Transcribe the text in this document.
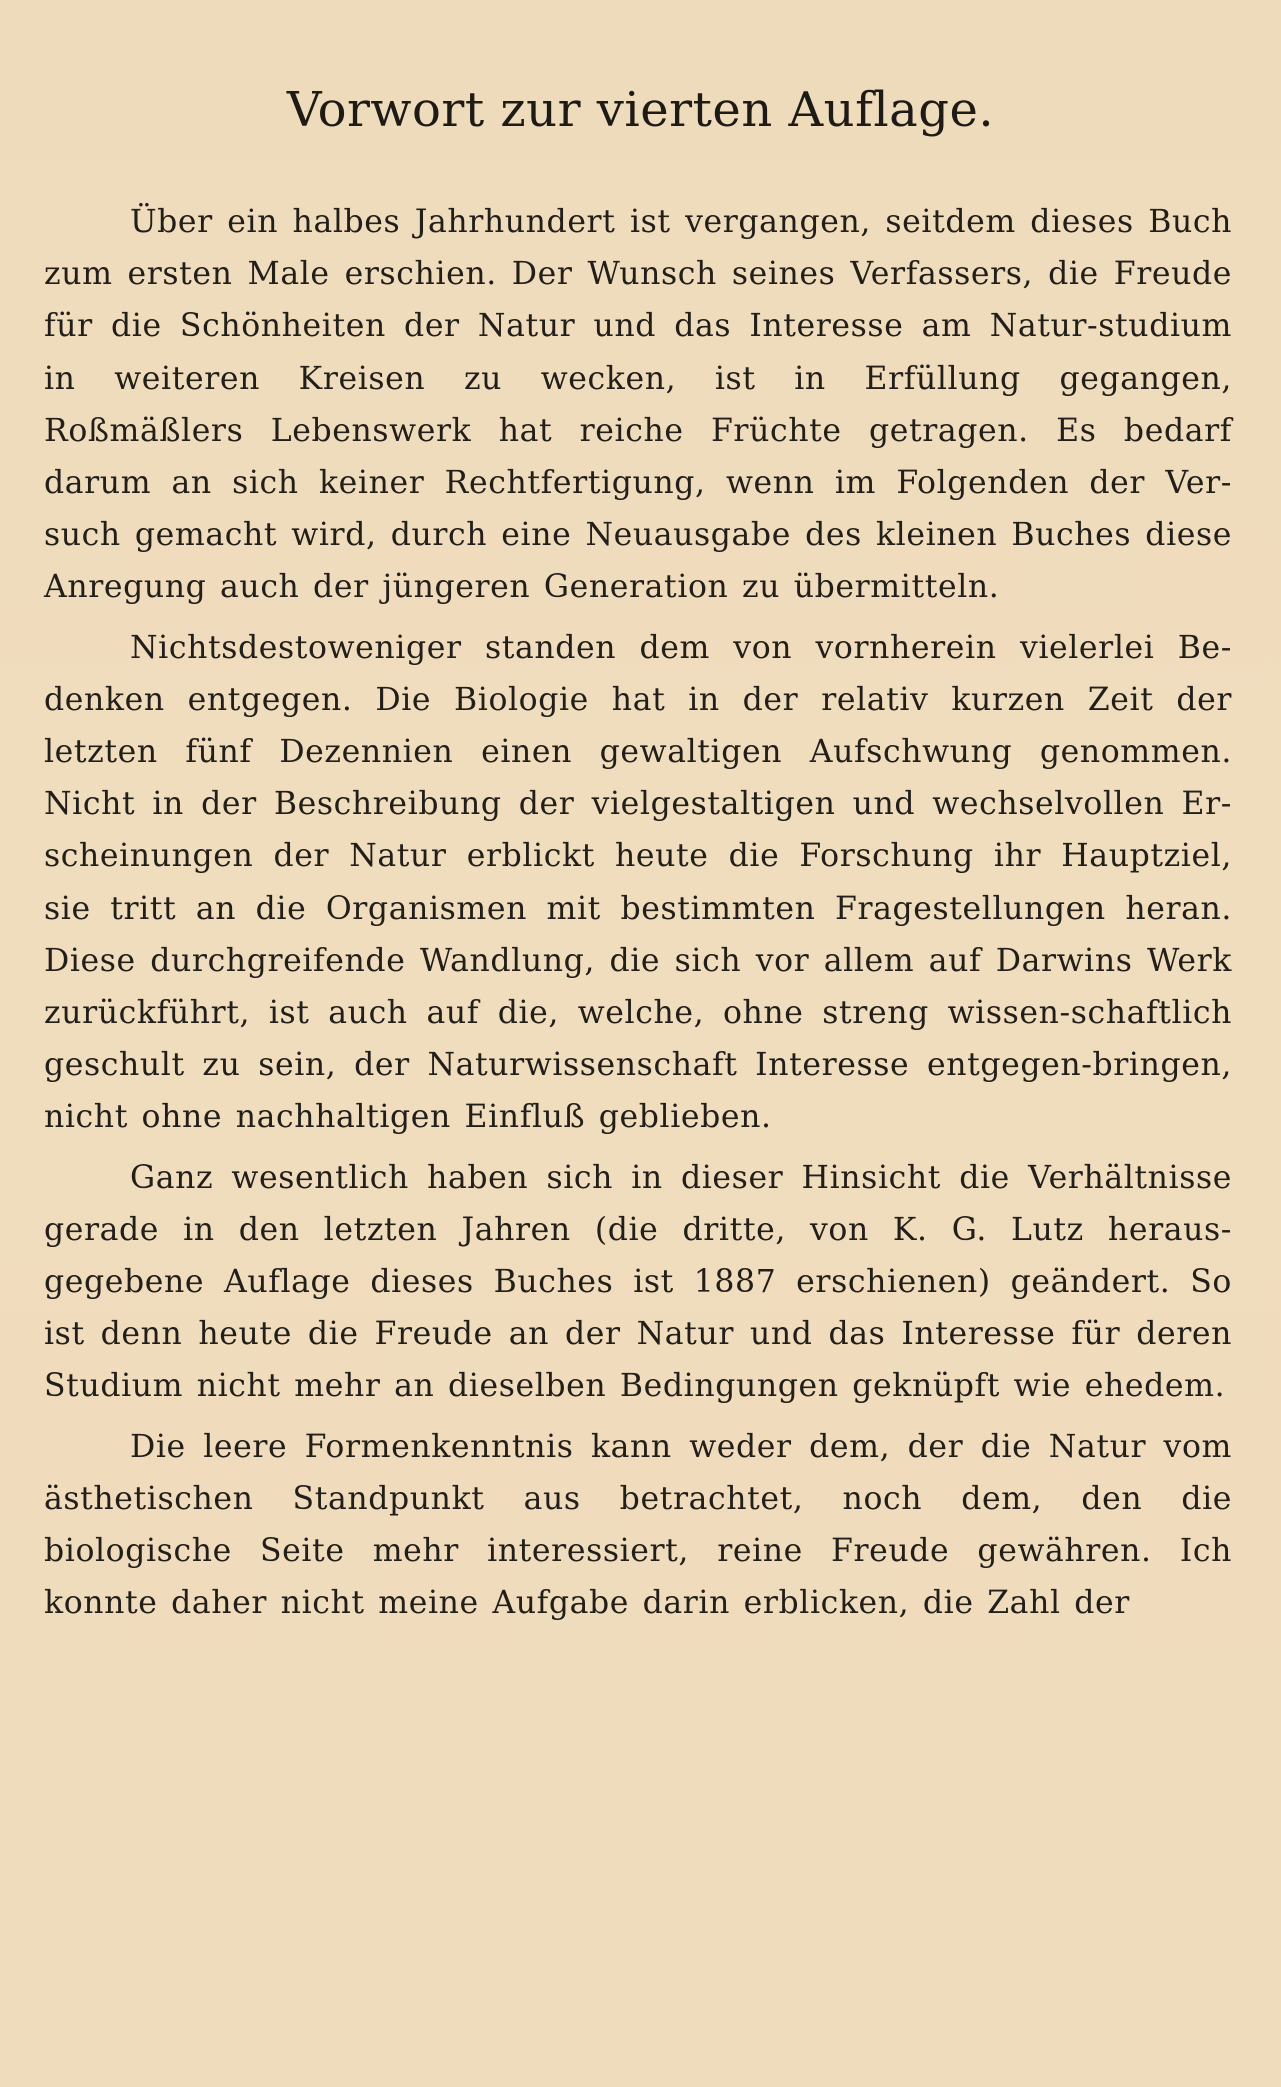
Vorwort zur vierten Auflage.

Über ein halbes Jahrhundert ist vergangen, seitdem dieses Buch zum ersten Male erschien. Der Wunsch seines Verfassers, die Freude für die Schönheiten der Natur und das Interesse am Natur-studium in weiteren Kreisen zu wecken, ist in Erfüllung gegangen, Roßmäßlers Lebenswerk hat reiche Früchte getragen. Es bedarf darum an sich keiner Rechtfertigung, wenn im Folgenden der Ver-such gemacht wird, durch eine Neuausgabe des kleinen Buches diese Anregung auch der jüngeren Generation zu übermitteln.

Nichtsdestoweniger standen dem von vornherein vielerlei Be-denken entgegen. Die Biologie hat in der relativ kurzen Zeit der letzten fünf Dezennien einen gewaltigen Aufschwung genommen. Nicht in der Beschreibung der vielgestaltigen und wechselvollen Er-scheinungen der Natur erblickt heute die Forschung ihr Hauptziel, sie tritt an die Organismen mit bestimmten Fragestellungen heran. Diese durchgreifende Wandlung, die sich vor allem auf Darwins Werk zurückführt, ist auch auf die, welche, ohne streng wissen-schaftlich geschult zu sein, der Naturwissenschaft Interesse entgegen-bringen, nicht ohne nachhaltigen Einfluß geblieben.

Ganz wesentlich haben sich in dieser Hinsicht die Verhältnisse gerade in den letzten Jahren (die dritte, von K. G. Lutz heraus-gegebene Auflage dieses Buches ist 1887 erschienen) geändert. So ist denn heute die Freude an der Natur und das Interesse für deren Studium nicht mehr an dieselben Bedingungen geknüpft wie ehedem.

Die leere Formenkenntnis kann weder dem, der die Natur vom ästhetischen Standpunkt aus betrachtet, noch dem, den die biologische Seite mehr interessiert, reine Freude gewähren. Ich konnte daher nicht meine Aufgabe darin erblicken, die Zahl der
